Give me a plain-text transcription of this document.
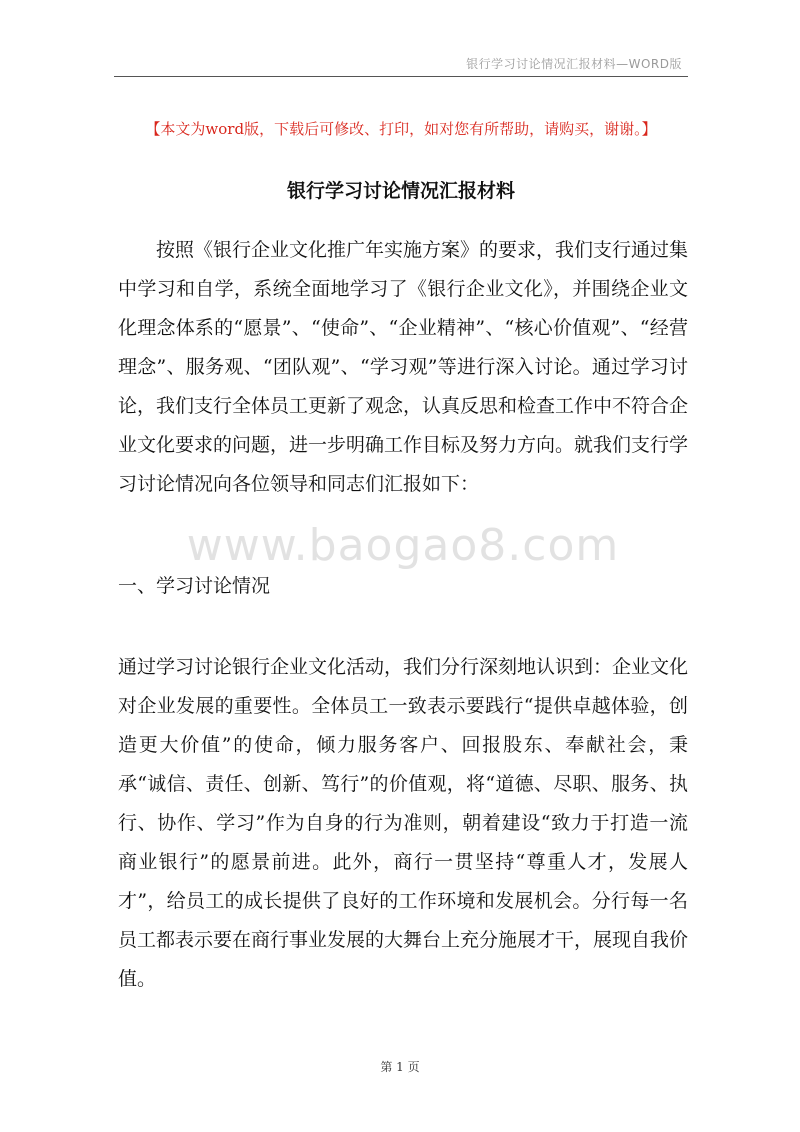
银行学习讨论情况汇报材料—WORD版
【本文为word版，下载后可修改、打印，如对您有所帮助，请购买，谢谢。】
银行学习讨论情况汇报材料

按照《银行企业文化推广年实施方案》的要求，我们支行通过集中学习和自学，系统全面地学习了《银行企业文化》，并围绕企业文化理念体系的“愿景”、“使命”、“企业精神”、“核心价值观”、“经营理念”、服务观、“团队观”、“学习观”等进行深入讨论。通过学习讨论，我们支行全体员工更新了观念，认真反思和检查工作中不符合企业文化要求的问题，进一步明确工作目标及努力方向。就我们支行学习讨论情况向各位领导和同志们汇报如下：

www.baogao8.com
一、学习讨论情况

通过学习讨论银行企业文化活动，我们分行深刻地认识到：企业文化对企业发展的重要性。全体员工一致表示要践行“提供卓越体验，创造更大价值”的使命，倾力服务客户、回报股东、奉献社会，秉承“诚信、责任、创新、笃行”的价值观，将“道德、尽职、服务、执行、协作、学习”作为自身的行为准则，朝着建设“致力于打造一流商业银行”的愿景前进。此外，商行一贯坚持“尊重人才，发展人才”，给员工的成长提供了良好的工作环境和发展机会。分行每一名员工都表示要在商行事业发展的大舞台上充分施展才干，展现自我价值。

第 1 页
